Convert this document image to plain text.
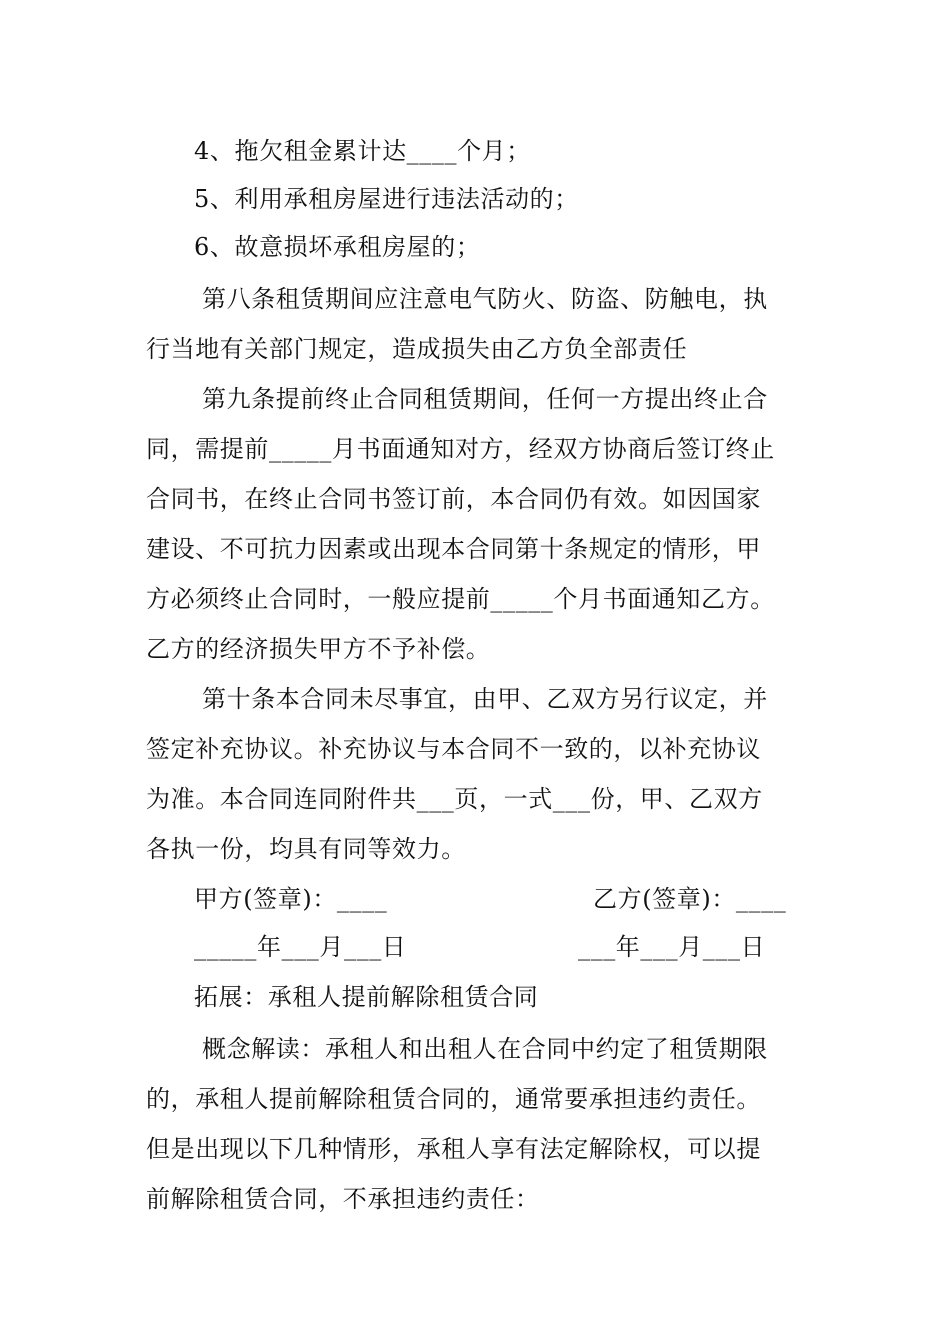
4、拖欠租金累计达____个月；
5、利用承租房屋进行违法活动的；
6、故意损坏承租房屋的；
第八条租赁期间应注意电气防火、防盗、防触电，执
行当地有关部门规定，造成损失由乙方负全部责任
第九条提前终止合同租赁期间，任何一方提出终止合
同，需提前_____月书面通知对方，经双方协商后签订终止
合同书，在终止合同书签订前，本合同仍有效。如因国家
建设、不可抗力因素或出现本合同第十条规定的情形，甲
方必须终止合同时，一般应提前_____个月书面通知乙方。
乙方的经济损失甲方不予补偿。
第十条本合同未尽事宜，由甲、乙双方另行议定，并
签定补充协议。补充协议与本合同不一致的，以补充协议
为准。本合同连同附件共___页，一式___份，甲、乙双方
各执一份，均具有同等效力。
甲方(签章)：____	乙方(签章)：____
_____年___月___日	___年___月___日
拓展：承租人提前解除租赁合同
概念解读：承租人和出租人在合同中约定了租赁期限
的，承租人提前解除租赁合同的，通常要承担违约责任。
但是出现以下几种情形，承租人享有法定解除权，可以提
前解除租赁合同，不承担违约责任：
